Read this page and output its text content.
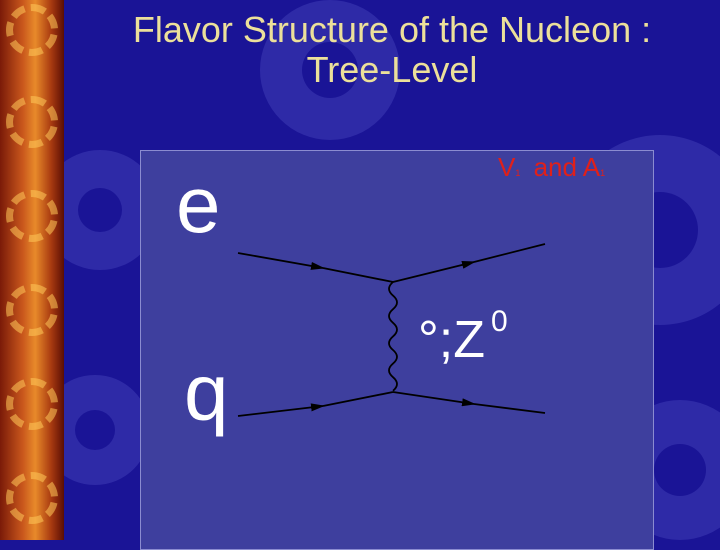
Flavor Structure of the Nucleon :
Tree-Level
e
q
V1 and A1
°;Z $^0$
